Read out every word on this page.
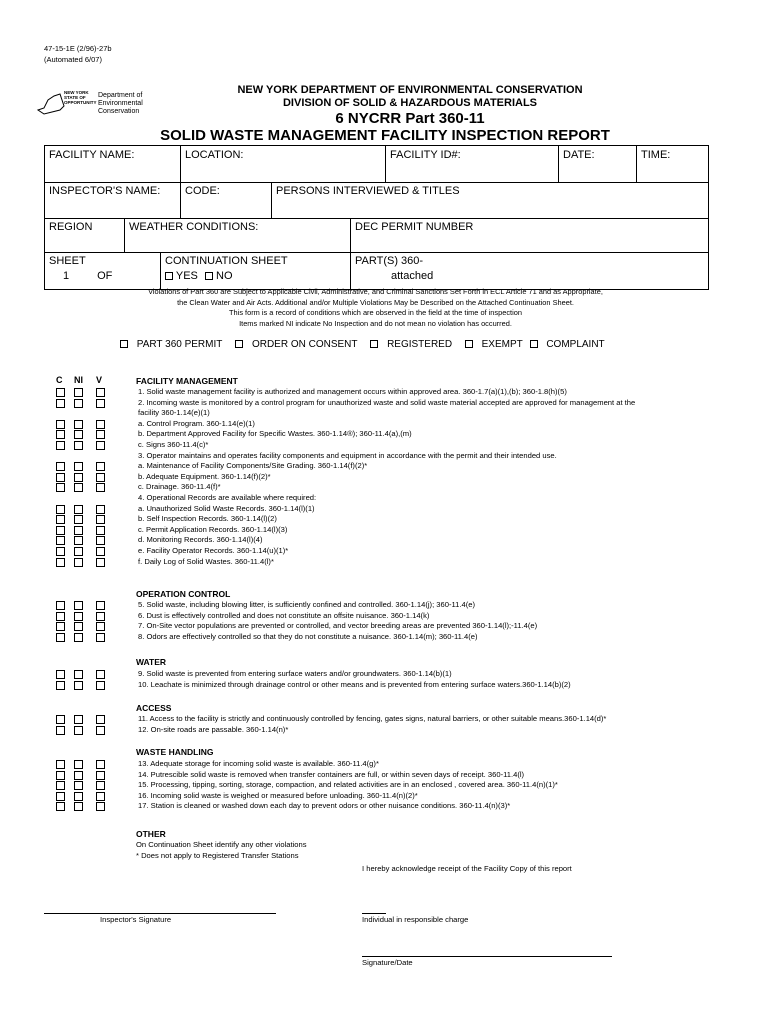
47-15-1E (2/96)-27b
(Automated 6/07)
NEW YORK STATE OF OPPORTUNITY
Department of
Environmental
Conservation
NEW YORK DEPARTMENT OF ENVIRONMENTAL CONSERVATION
DIVISION OF SOLID & HAZARDOUS MATERIALS
6 NYCRR Part 360-11
SOLID WASTE MANAGEMENT FACILITY INSPECTION REPORT
FACILITY NAME:	LOCATION:	FACILITY ID#:	DATE:	TIME:
INSPECTOR'S NAME:	CODE:	PERSONS INTERVIEWED & TITLES
REGION	WEATHER CONDITIONS:	DEC PERMIT NUMBER
SHEET
1	OF
CONTINUATION SHEET
YES NO
PART(S) 360-
attached
Violations of Part 360 are Subject to Applicable Civil, Administrative, and Criminal Sanctions Set Forth in ECL Article 71 and as Appropriate,
the Clean Water and Air Acts. Additional and/or Multiple Violations May be Described on the Attached Continuation Sheet.
This form is a record of conditions which are observed in the field at the time of inspection
Items marked NI indicate No Inspection and do not mean no violation has occurred.
PART 360 PERMIT	ORDER ON CONSENT	REGISTERED	EXEMPT COMPLAINT
C NI V	FACILITY MANAGEMENT
1. Solid waste management facility is authorized and management occurs within approved area. 360-1.7(a)(1),(b); 360-1.8(h)(5)
2. Incoming waste is monitored by a control program for unauthorized waste and solid waste material accepted are approved for management at the
facility 360-1.14(e)(1)
a. Control Program. 360-1.14(e)(1)
b. Department Approved Facility for Specific Wastes. 360-1.14®); 360-11.4(a),(m)
c. Signs 360-11.4(c)*
3. Operator maintains and operates facility components and equipment in accordance with the permit and their intended use.
a. Maintenance of Facility Components/Site Grading. 360-1.14(f)(2)*
b. Adequate Equipment. 360-1.14(f)(2)*
c. Drainage. 360-11.4(f)*
4. Operational Records are available where required:
a. Unauthorized Solid Waste Records. 360-1.14(l)(1)
b. Self Inspection Records. 360-1.14(l)(2)
c. Permit Application Records. 360-1.14(l)(3)
d. Monitoring Records. 360-1.14(l)(4)
e. Facility Operator Records. 360-1.14(u)(1)*
f. Daily Log of Solid Wastes. 360-11.4(l)*
OPERATION CONTROL
5. Solid waste, including blowing litter, is sufficiently confined and controlled. 360-1.14(j); 360-11.4(e)
6. Dust is effectively controlled and does not constitute an offsite nuisance. 360-1.14(k)
7. On-Site vector populations are prevented or controlled, and vector breeding areas are prevented 360-1.14(l);-11.4(e)
8. Odors are effectively controlled so that they do not constitute a nuisance. 360-1.14(m); 360-11.4(e)
WATER
9. Solid waste is prevented from entering surface waters and/or groundwaters. 360-1.14(b)(1)
10. Leachate is minimized through drainage control or other means and is prevented from entering surface waters.360-1.14(b)(2)
ACCESS
11. Access to the facility is strictly and continuously controlled by fencing, gates signs, natural barriers, or other suitable means.360-1.14(d)*
12. On-site roads are passable. 360-1.14(n)*
WASTE HANDLING
13. Adequate storage for incoming solid waste is available. 360-11.4(g)*
14. Putrescible solid waste is removed when transfer containers are full, or within seven days of receipt. 360-11.4(l)
15. Processing, tipping, sorting, storage, compaction, and related activities are in an enclosed , covered area. 360-11.4(n)(1)*
16. Incoming solid waste is weighed or measured before unloading. 360-11.4(n)(2)*
17. Station is cleaned or washed down each day to prevent odors or other nuisance conditions. 360-11.4(n)(3)*
OTHER
On Continuation Sheet identify any other violations
* Does not apply to Registered Transfer Stations
I hereby acknowledge receipt of the Facility Copy of this report
Inspector's Signature	Individual in responsible charge
Signature/Date
